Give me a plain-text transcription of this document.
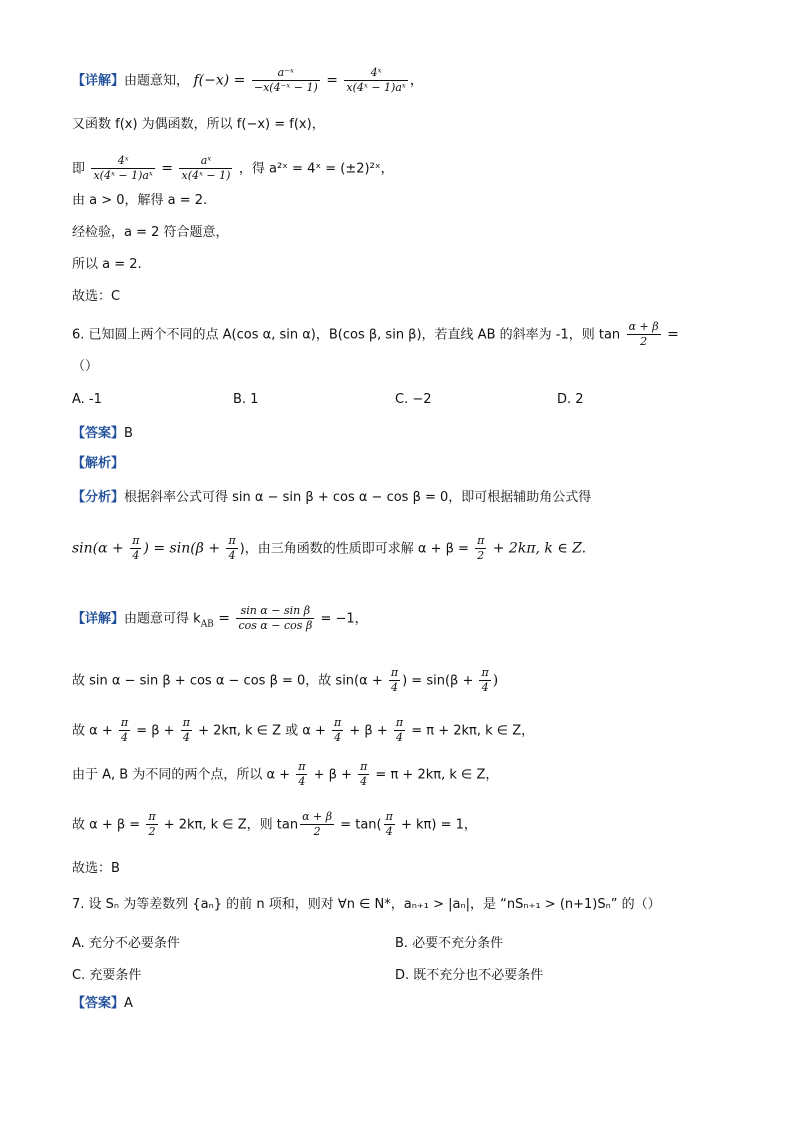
【详解】由题意知， $f(-x) = \frac{\text{a⁻ˣ}}{\text{−x(4⁻ˣ − 1)}} = \frac{\text{4ˣ}}{\text{x(4ˣ − 1)aˣ}}$ ，
又函数 f(x) 为偶函数，所以 f(−x) = f(x)，
即 $\frac{\text{4ˣ}}{\text{x(4ˣ − 1)aˣ}} = \frac{\text{aˣ}}{\text{x(4ˣ − 1)}}$ ，得 a²ˣ = 4ˣ = (±2)²ˣ，
由 a > 0，解得 a = 2.
经检验，a = 2 符合题意，
所以 a = 2.
故选：C
6. 已知圆上两个不同的点 A(cos α, sin α)，B(cos β, sin β)，若直线 AB 的斜率为 -1，则 $\tan \frac{\alpha + \beta}{2}$ =
（）
A. -1	B. 1	C. −2	D. 2
【答案】B
【解析】
【分析】根据斜率公式可得 sin α − sin β + cos α − cos β = 0，即可根据辅助角公式得
$\sin(\alpha + \frac{\pi}{4}$ ) = $\sin(\beta + \frac{\pi}{4}$ )，由三角函数的性质即可求解 $\alpha + \beta = \frac{\pi}{2} + 2k\pi$, k ∈ Z.
【详解】由题意可得 $k_{AB} = \frac{\text{sin α − sin β}}{\text{cos α − cos β}} = -1$，
故 sin α − sin β + cos α − cos β = 0，故 $\sin(\alpha + \frac{\pi}{4}$ ) = $\sin(\beta + \frac{\pi}{4}$ )
故 $\alpha + \frac{\pi}{4} = \beta + \frac{\pi}{4} + 2k\pi$, k ∈ Z 或 $\alpha + \frac{\pi}{4} + \beta + \frac{\pi}{4} = \pi + 2k\pi$, k ∈ Z，
由于 A, B 为不同的两个点，所以 $\alpha + \frac{\pi}{4} + \beta + \frac{\pi}{4} = \pi + 2k\pi$, k ∈ Z，
故 $\alpha + \beta = \frac{\pi}{2} + 2k\pi$, k ∈ Z，则 $\tan \frac{\alpha + \beta}{2} = \tan( \frac{\pi}{4} + k\pi) = 1$，
故选：B
7. 设 Sₙ 为等差数列 {aₙ} 的前 n 项和，则对 ∀n ∈ N*，aₙ₊₁ > |aₙ|，是 “nSₙ₊₁ > (n+1)Sₙ” 的（）
A. 充分不必要条件	B. 必要不充分条件
C. 充要条件	D. 既不充分也不必要条件
【答案】A
